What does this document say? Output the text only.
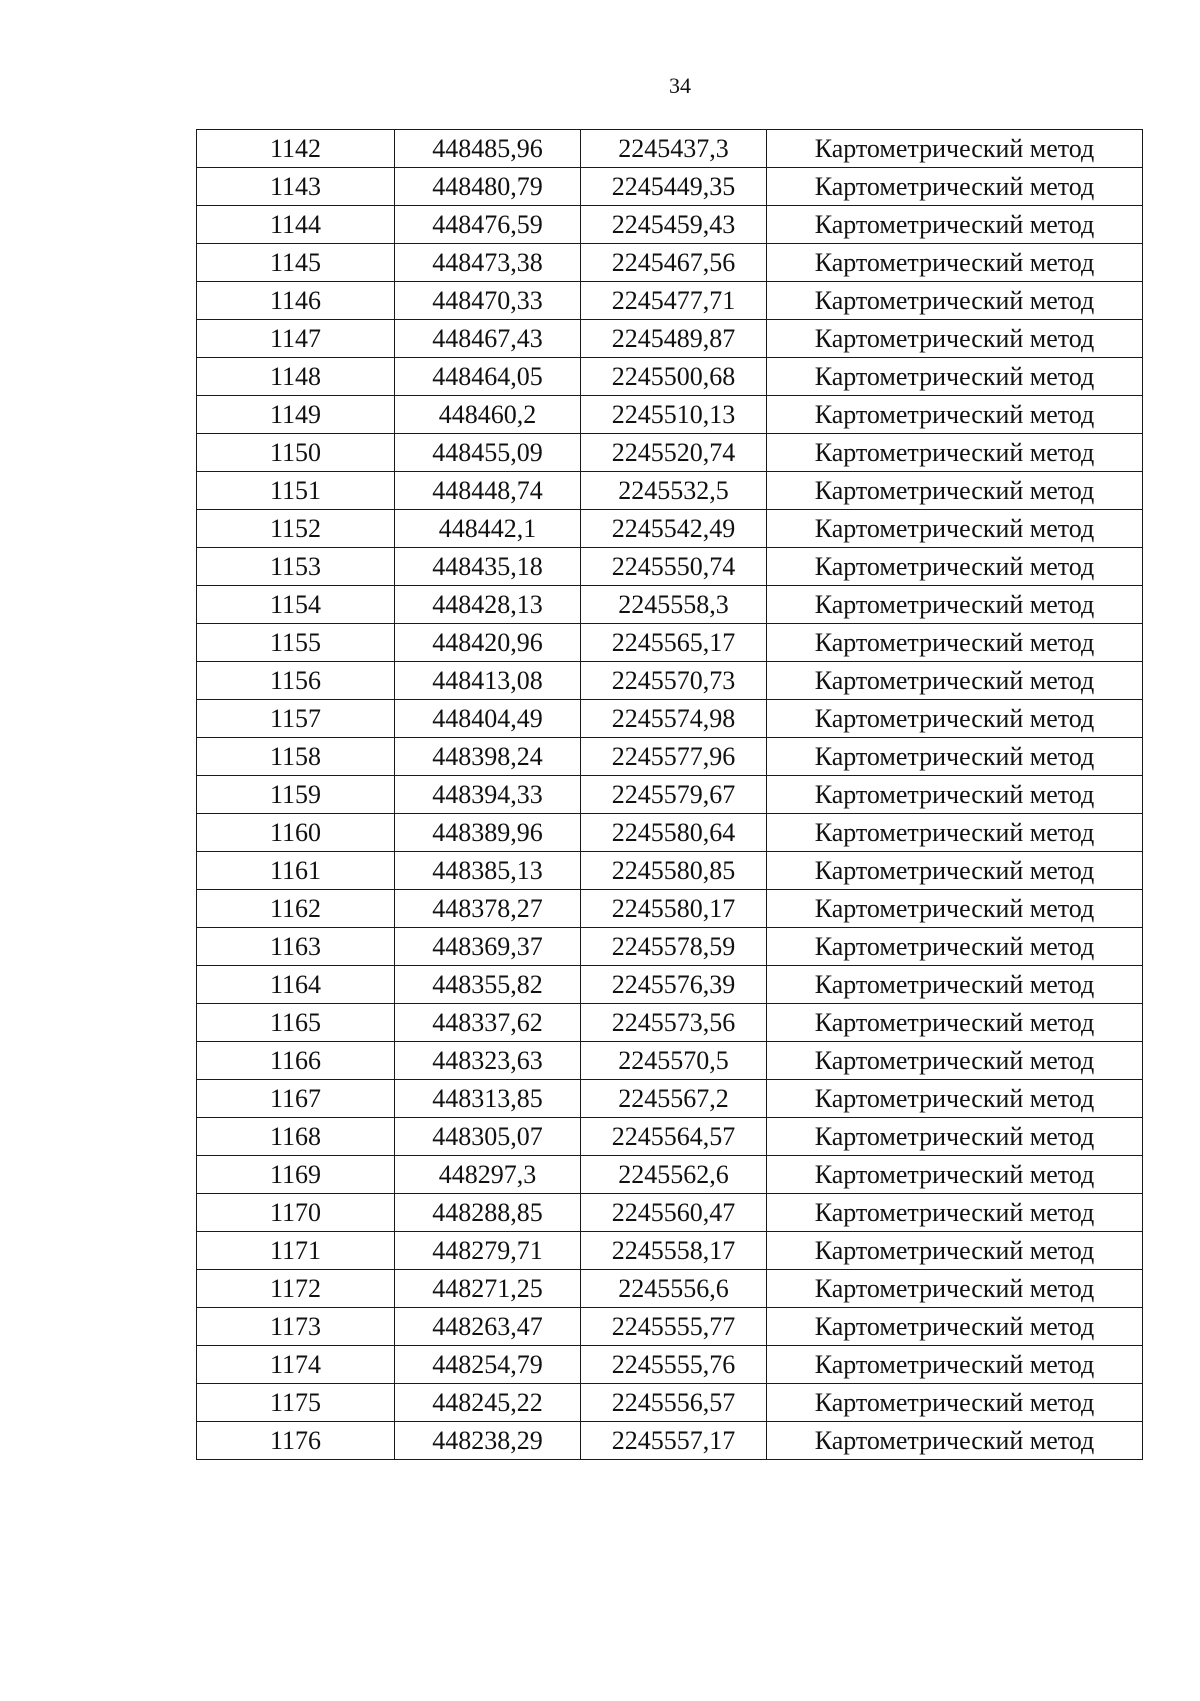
34
1142	448485,96	2245437,3	Картометрический метод
1143	448480,79	2245449,35	Картометрический метод
1144	448476,59	2245459,43	Картометрический метод
1145	448473,38	2245467,56	Картометрический метод
1146	448470,33	2245477,71	Картометрический метод
1147	448467,43	2245489,87	Картометрический метод
1148	448464,05	2245500,68	Картометрический метод
1149	448460,2	2245510,13	Картометрический метод
1150	448455,09	2245520,74	Картометрический метод
1151	448448,74	2245532,5	Картометрический метод
1152	448442,1	2245542,49	Картометрический метод
1153	448435,18	2245550,74	Картометрический метод
1154	448428,13	2245558,3	Картометрический метод
1155	448420,96	2245565,17	Картометрический метод
1156	448413,08	2245570,73	Картометрический метод
1157	448404,49	2245574,98	Картометрический метод
1158	448398,24	2245577,96	Картометрический метод
1159	448394,33	2245579,67	Картометрический метод
1160	448389,96	2245580,64	Картометрический метод
1161	448385,13	2245580,85	Картометрический метод
1162	448378,27	2245580,17	Картометрический метод
1163	448369,37	2245578,59	Картометрический метод
1164	448355,82	2245576,39	Картометрический метод
1165	448337,62	2245573,56	Картометрический метод
1166	448323,63	2245570,5	Картометрический метод
1167	448313,85	2245567,2	Картометрический метод
1168	448305,07	2245564,57	Картометрический метод
1169	448297,3	2245562,6	Картометрический метод
1170	448288,85	2245560,47	Картометрический метод
1171	448279,71	2245558,17	Картометрический метод
1172	448271,25	2245556,6	Картометрический метод
1173	448263,47	2245555,77	Картометрический метод
1174	448254,79	2245555,76	Картометрический метод
1175	448245,22	2245556,57	Картометрический метод
1176	448238,29	2245557,17	Картометрический метод
